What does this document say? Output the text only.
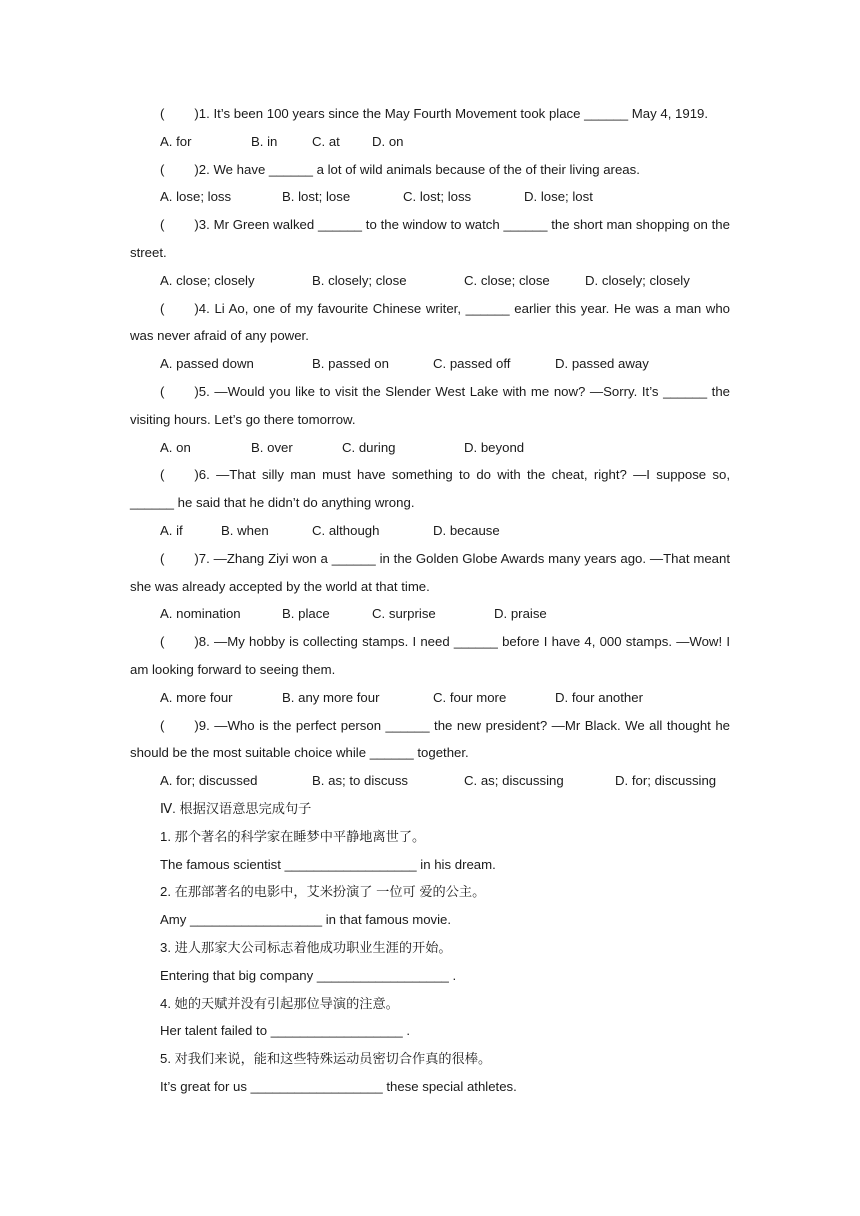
( )1. It’s been 100 years since the May Fourth Movement took place ______ May 4, 1919.

A. for	B. in	C. at D. on

( )2. We have ______ a lot of wild animals because of the of their living areas.

A. lose; loss	B. lost; lose	C. lost; loss	D. lose; lost

( )3. Mr Green walked ______ to the window to watch ______ the short man shopping on the street.

A. close; closely	B. closely; close	C. close; close	D. closely; closely

( )4. Li Ao, one of my favourite Chinese writer, ______ earlier this year. He was a man who was never afraid of any power.

A. passed down	B. passed on	C. passed off	D. passed away

( )5. —Would you like to visit the Slender West Lake with me now? —Sorry. It’s ______ the visiting hours. Let’s go there tomorrow.

A. on	B. over	C. during	D. beyond

( )6. —That silly man must have something to do with the cheat, right? —I suppose so, ______ he said that he didn’t do anything wrong.

A. if	B. when	C. although	D. because

( )7. —Zhang Ziyi won a ______ in the Golden Globe Awards many years ago. —That meant she was already accepted by the world at that time.

A. nomination	B. place	C. surprise	D. praise

( )8. —My hobby is collecting stamps. I need ______ before I have 4, 000 stamps. —Wow! I am looking forward to seeing them.

A. more four	B. any more four	C. four more	D. four another

( )9. —Who is the perfect person ______ the new president? —Mr Black. We all thought he should be the most suitable choice while ______ together.

A. for; discussed	B. as; to discuss	C. as; discussing	D. for; discussing

Ⅳ. 根据汉语意思完成句子

1. 那个著名的科学家在睡梦中平静地离世了。

The famous scientist __________________ in his dream.

2. 在那部著名的电影中，艾米扮演了 一位可 爱的公主。

Amy __________________ in that famous movie.

3. 进人那家大公司标志着他成功职业生涯的开始。

Entering that big company __________________ .

4. 她的天赋并没有引起那位导演的注意。

Her talent failed to __________________ .

5. 对我们来说，能和这些特殊运动员密切合作真的很棒。

It’s great for us __________________ these special athletes.
